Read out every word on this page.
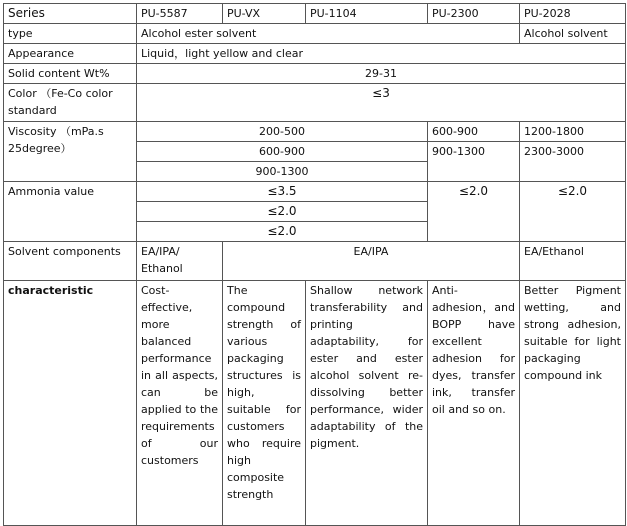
Series	PU-5587	PU-VX	PU-1104	PU-2300	PU-2028
type	Alcohol ester solvent				Alcohol solvent
Appearance	Liquid，light yellow and clear				
Solid content Wt%	29-31				
Color （Fe-Co color standard	≤3				
Viscosity （mPa.s 25degree）	200-500			600-900	1200-1800
	600-900			900-1300	2300-3000
	900-1300				
Ammonia value	≤3.5			≤2.0	≤2.0
	≤2.0				
	≤2.0				
Solvent components	EA/IPA/ Ethanol	EA/IPA			EA/Ethanol
characteristic	Cost-effective, more balanced performance in all aspects, can be applied to the requirements of our customers	The compound strength of various packaging structures is high, suitable for customers who require high composite strength	Shallow network transferability and printing adaptability, for ester and ester alcohol solvent re-dissolving better performance, wider adaptability of the pigment.	Anti-adhesion，and BOPP have excellent adhesion for dyes, transfer ink, transfer oil and so on.	Better Pigment wetting, and strong adhesion, suitable for light packaging compound ink
